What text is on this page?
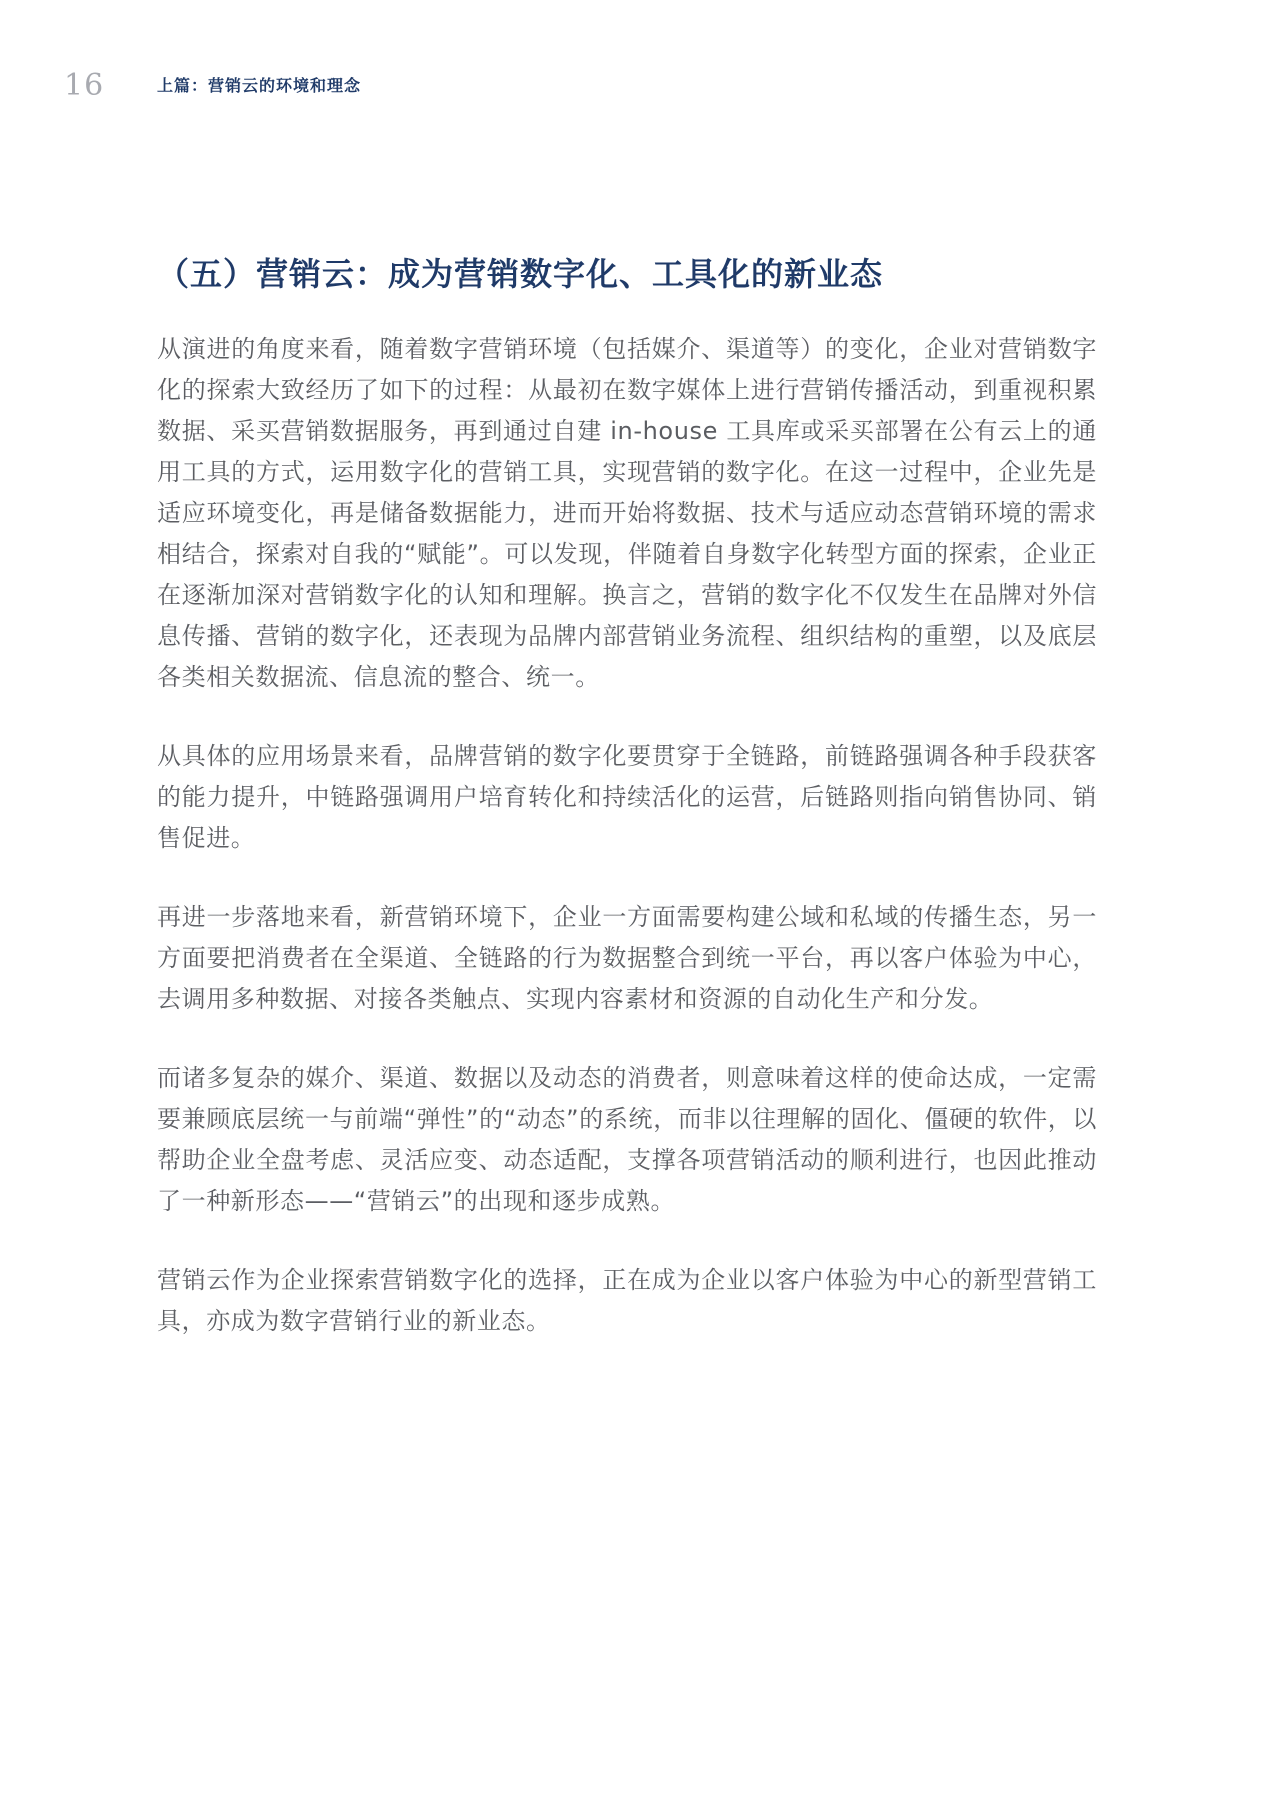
16	上篇：营销云的环境和理念
（五）营销云：成为营销数字化、工具化的新业态

从演进的角度来看，随着数字营销环境（包括媒介、渠道等）的变化，企业对营销数字化的探索大致经历了如下的过程：从最初在数字媒体上进行营销传播活动，到重视积累数据、采买营销数据服务，再到通过自建 in-house 工具库或采买部署在公有云上的通用工具的方式，运用数字化的营销工具，实现营销的数字化。在这一过程中，企业先是适应环境变化，再是储备数据能力，进而开始将数据、技术与适应动态营销环境的需求相结合，探索对自我的“赋能”。可以发现，伴随着自身数字化转型方面的探索，企业正在逐渐加深对营销数字化的认知和理解。换言之，营销的数字化不仅发生在品牌对外信息传播、营销的数字化，还表现为品牌内部营销业务流程、组织结构的重塑，以及底层各类相关数据流、信息流的整合、统一。

从具体的应用场景来看，品牌营销的数字化要贯穿于全链路，前链路强调各种手段获客的能力提升，中链路强调用户培育转化和持续活化的运营，后链路则指向销售协同、销售促进。

再进一步落地来看，新营销环境下，企业一方面需要构建公域和私域的传播生态，另一方面要把消费者在全渠道、全链路的行为数据整合到统一平台，再以客户体验为中心，去调用多种数据、对接各类触点、实现内容素材和资源的自动化生产和分发。

而诸多复杂的媒介、渠道、数据以及动态的消费者，则意味着这样的使命达成，一定需要兼顾底层统一与前端“弹性”的“动态”的系统，而非以往理解的固化、僵硬的软件，以帮助企业全盘考虑、灵活应变、动态适配，支撑各项营销活动的顺利进行，也因此推动了一种新形态——“营销云”的出现和逐步成熟。

营销云作为企业探索营销数字化的选择，正在成为企业以客户体验为中心的新型营销工具，亦成为数字营销行业的新业态。
